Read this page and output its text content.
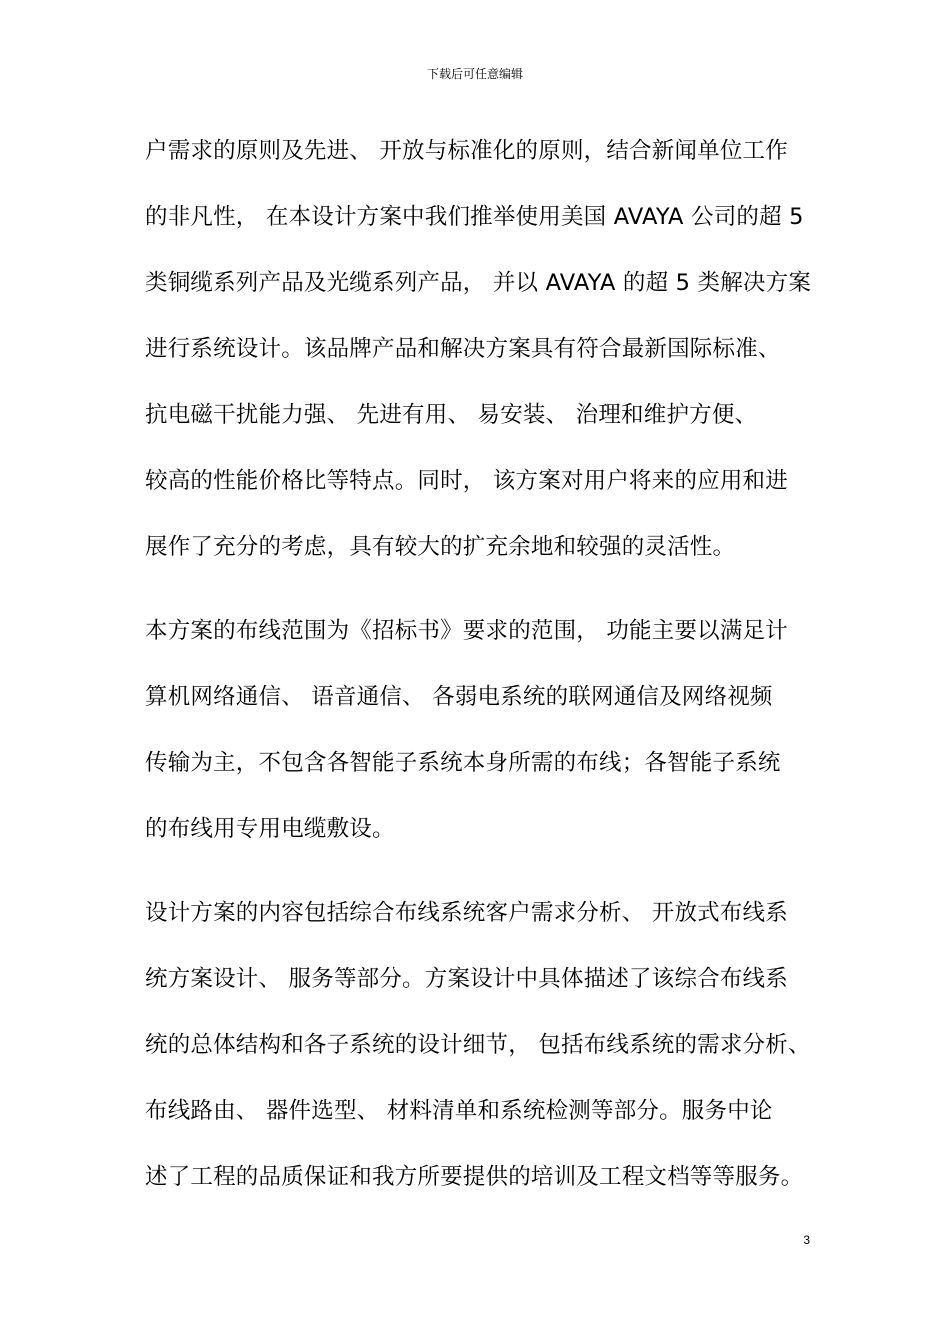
下载后可任意编辑
户需求的原则及先进、 开放与标准化的原则，结合新闻单位工作
的非凡性， 在本设计方案中我们推举使用美国 AVAYA 公司的超 5
类铜缆系列产品及光缆系列产品， 并以 AVAYA 的超 5 类解决方案
进行系统设计。该品牌产品和解决方案具有符合最新国际标准、
抗电磁干扰能力强、 先进有用、 易安装、 治理和维护方便、
较高的性能价格比等特点。同时， 该方案对用户将来的应用和进
展作了充分的考虑，具有较大的扩充余地和较强的灵活性。
本方案的布线范围为《招标书》要求的范围， 功能主要以满足计
算机网络通信、 语音通信、 各弱电系统的联网通信及网络视频
传输为主，不包含各智能子系统本身所需的布线；各智能子系统
的布线用专用电缆敷设。
设计方案的内容包括综合布线系统客户需求分析、 开放式布线系
统方案设计、 服务等部分。方案设计中具体描述了该综合布线系
统的总体结构和各子系统的设计细节， 包括布线系统的需求分析、
布线路由、 器件选型、 材料清单和系统检测等部分。服务中论
述了工程的品质保证和我方所要提供的培训及工程文档等等服务。
3
